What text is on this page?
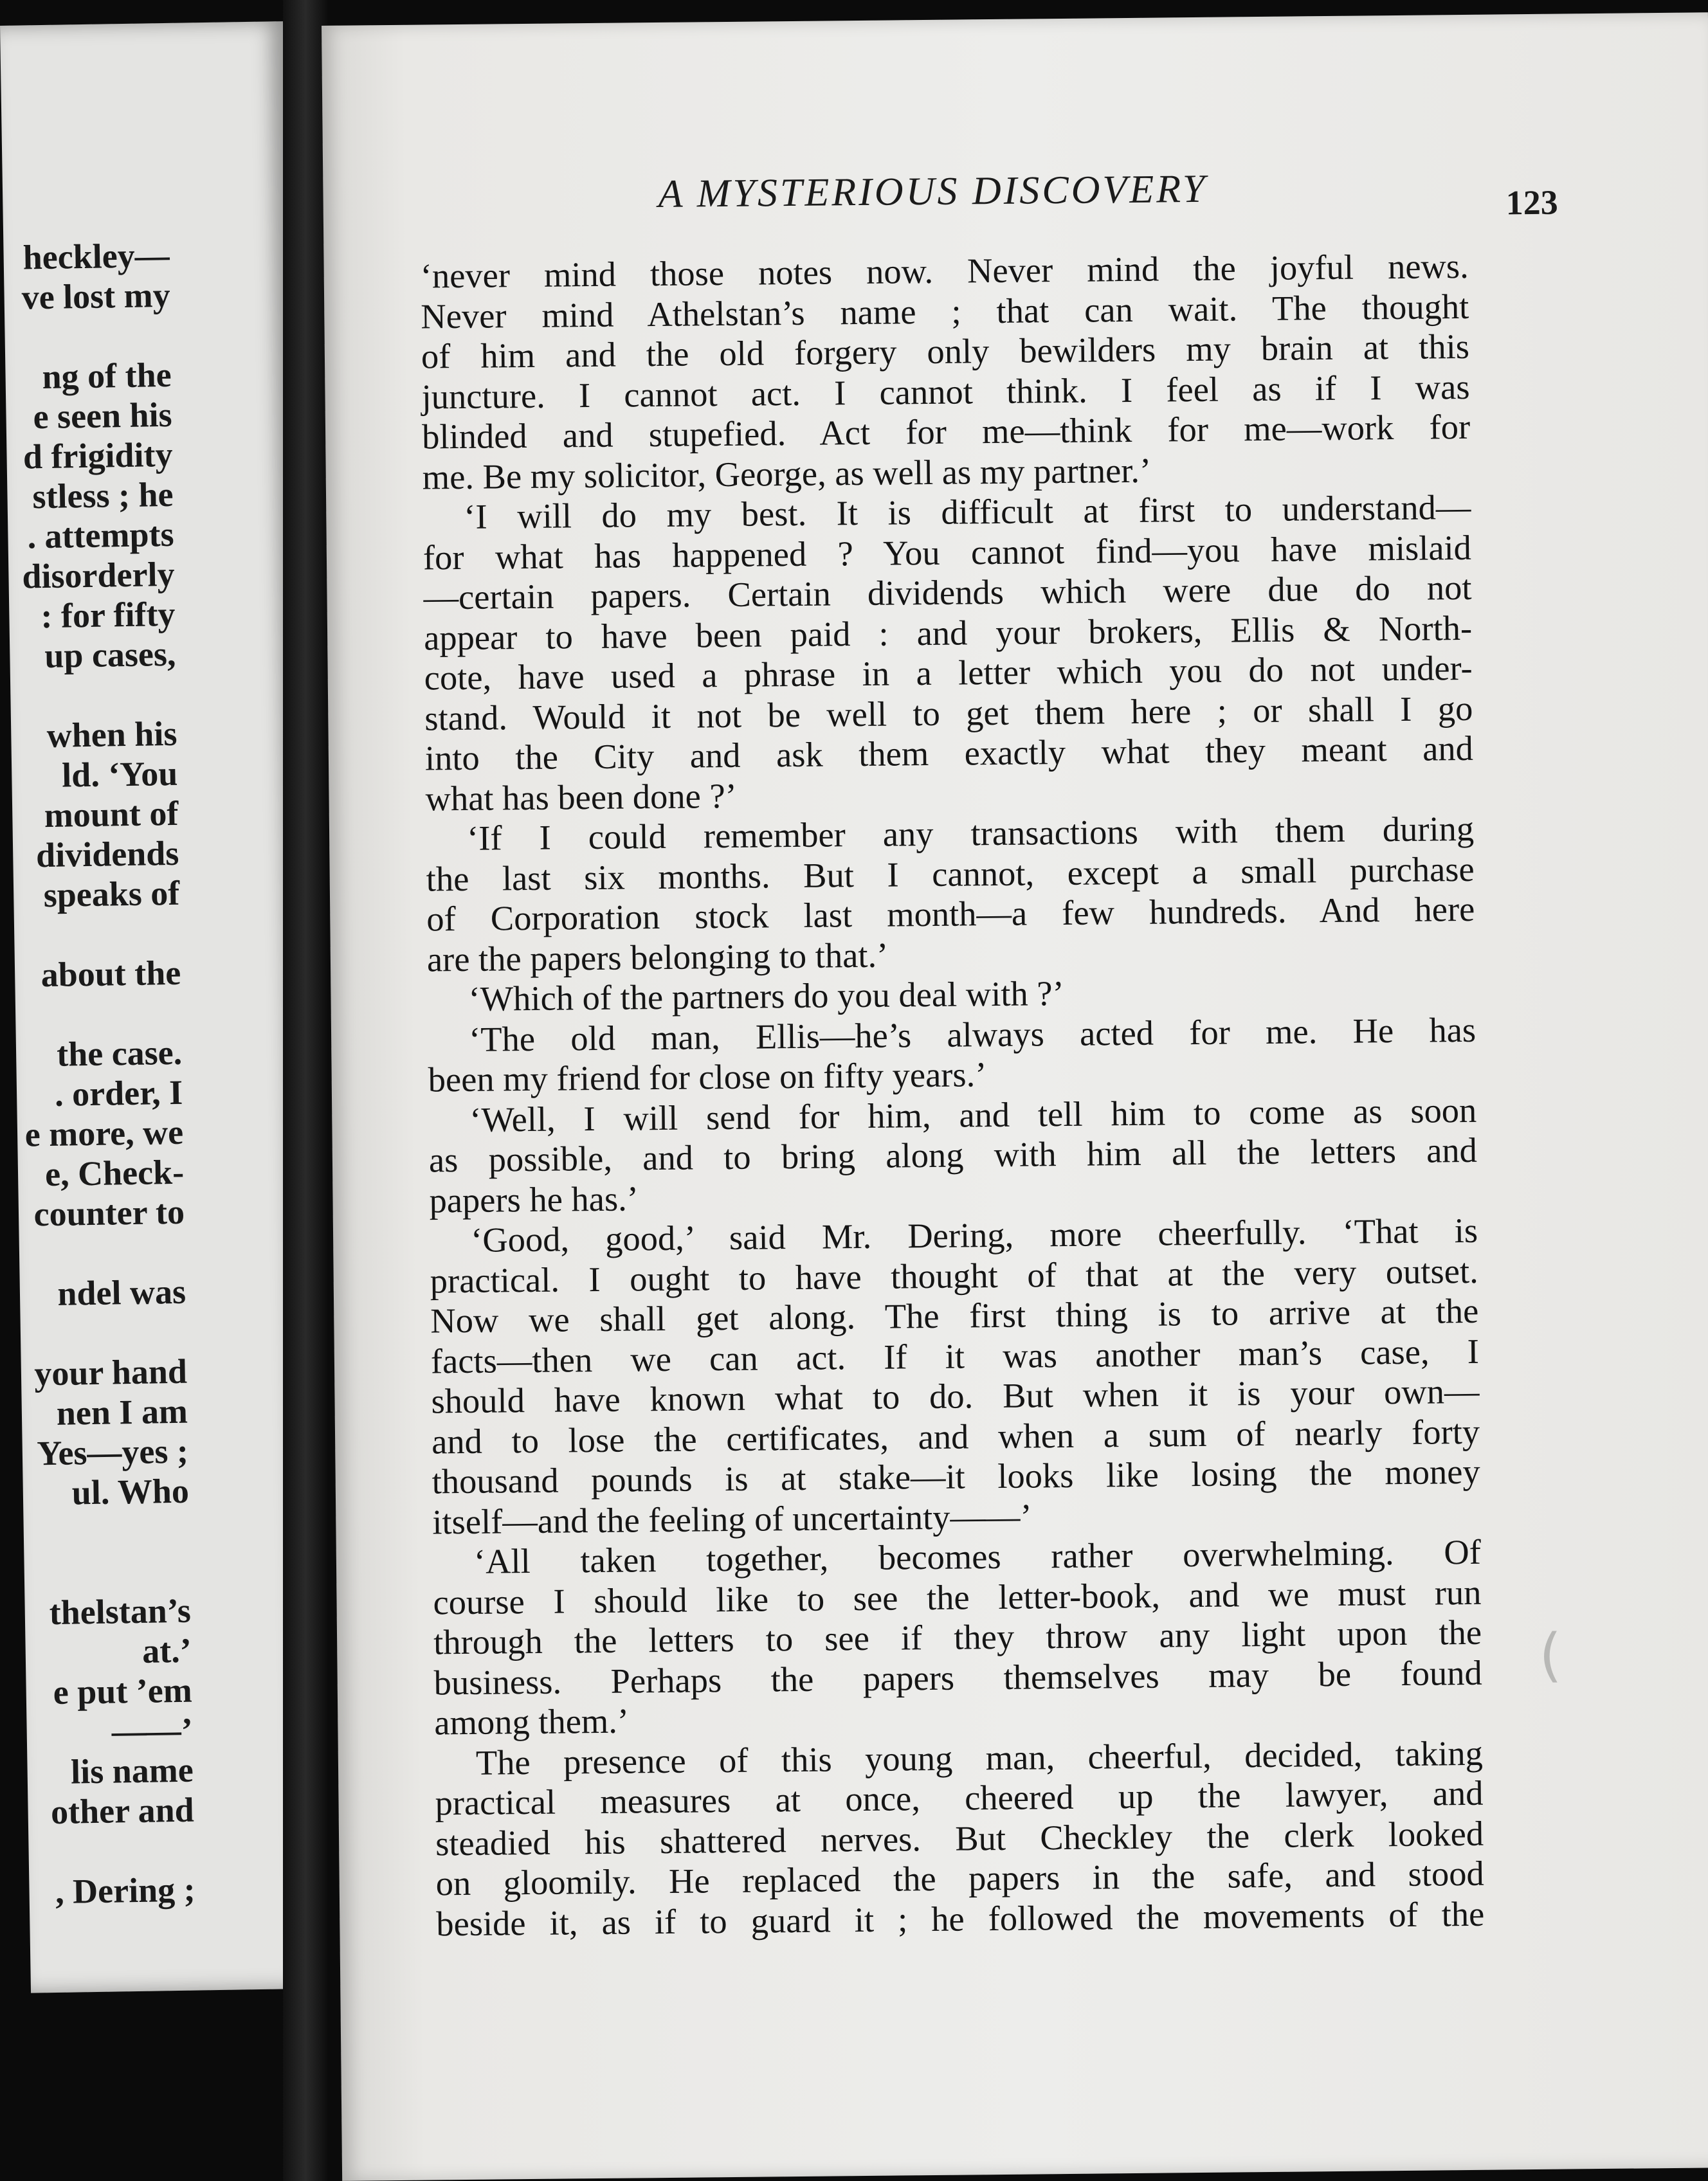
heckley—
ve lost my
ng of the
e seen his
d frigidity
stless ; he
. attempts
disorderly
: for fifty
up cases,
when his
ld. ‘You
mount of
dividends
speaks of
about the
the case.
. order, I
e more, we
e, Check-
counter to
ndel was
your hand
nen I am
Yes—yes ;
ul. Who
thelstan’s
at.’
e put ’em
——’
lis name
other and
, Dering ;
A MYSTERIOUS DISCOVERY	123
‘never mind those notes now. Never mind the joyful news.
Never mind Athelstan’s name ; that can wait. The thought
of him and the old forgery only bewilders my brain at this
juncture. I cannot act. I cannot think. I feel as if I was
blinded and stupefied. Act for me—think for me—work for
me. Be my solicitor, George, as well as my partner.’
‘I will do my best. It is difficult at first to understand—
for what has happened ? You cannot find—you have mislaid
—certain papers. Certain dividends which were due do not
appear to have been paid : and your brokers, Ellis & North-
cote, have used a phrase in a letter which you do not under-
stand. Would it not be well to get them here ; or shall I go
into the City and ask them exactly what they meant and
what has been done ?’
‘If I could remember any transactions with them during
the last six months. But I cannot, except a small purchase
of Corporation stock last month—a few hundreds. And here
are the papers belonging to that.’
‘Which of the partners do you deal with ?’
‘The old man, Ellis—he’s always acted for me. He has
been my friend for close on fifty years.’
‘Well, I will send for him, and tell him to come as soon
as possible, and to bring along with him all the letters and
papers he has.’
‘Good, good,’ said Mr. Dering, more cheerfully. ‘That is
practical. I ought to have thought of that at the very outset.
Now we shall get along. The first thing is to arrive at the
facts—then we can act. If it was another man’s case, I
should have known what to do. But when it is your own—
and to lose the certificates, and when a sum of nearly forty
thousand pounds is at stake—it looks like losing the money
itself—and the feeling of uncertainty——’
‘All taken together, becomes rather overwhelming. Of
course I should like to see the letter-book, and we must run
through the letters to see if they throw any light upon the
business. Perhaps the papers themselves may be found
among them.’
The presence of this young man, cheerful, decided, taking
practical measures at once, cheered up the lawyer, and
steadied his shattered nerves. But Checkley the clerk looked
on gloomily. He replaced the papers in the safe, and stood
beside it, as if to guard it ; he followed the movements of the
(
